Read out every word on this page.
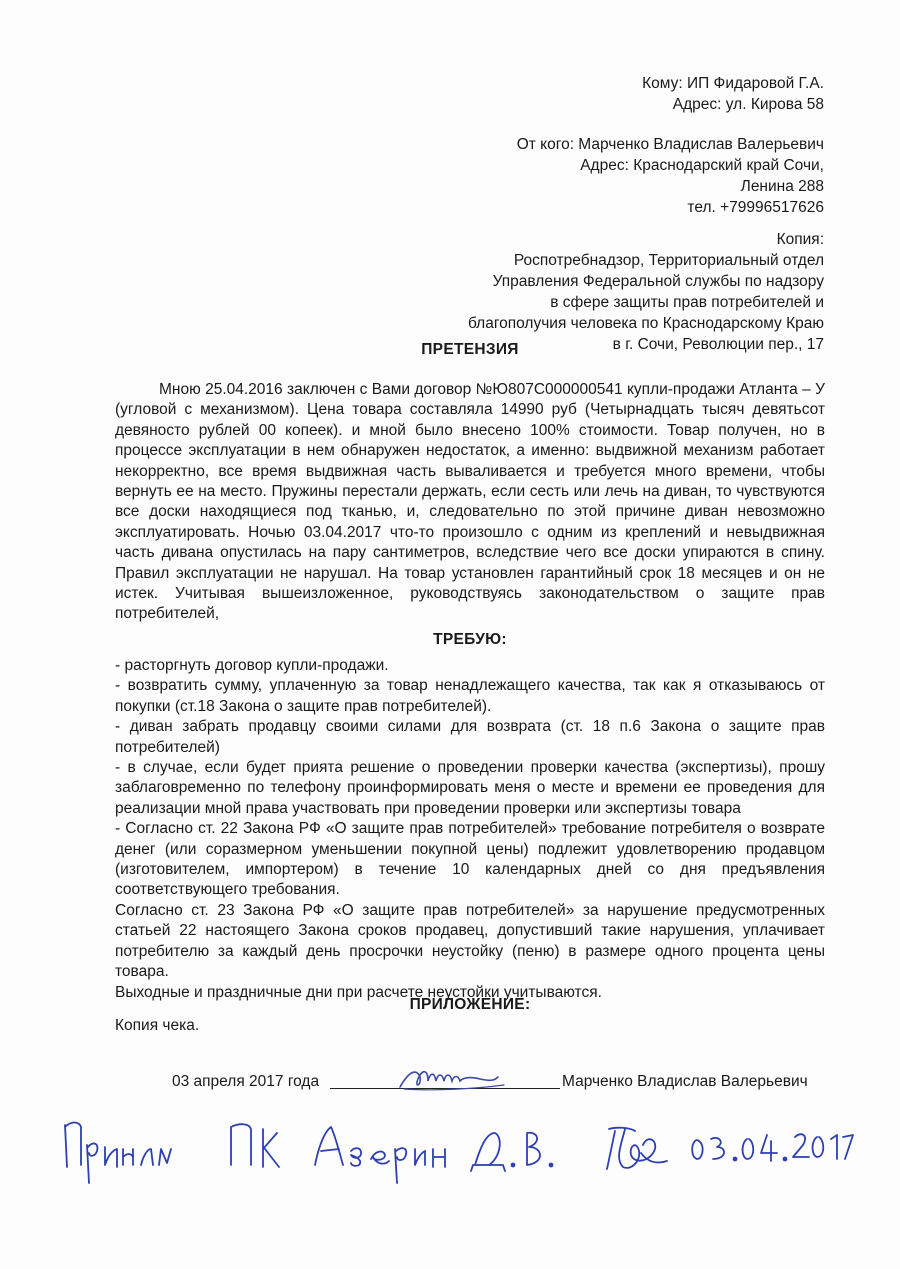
Кому: ИП Фидаровой Г.А.
Адрес: ул. Кирова 58
От кого: Марченко Владислав Валерьевич
Адрес: Краснодарский край Сочи,
Ленина 288
тел. +79996517626
Копия:
Роспотребнадзор, Территориальный отдел
Управления Федеральной службы по надзору
в сфере защиты прав потребителей и
благополучия человека по Краснодарскому Краю
в г. Сочи, Революции пер., 17
ПРЕТЕНЗИЯ
Мною 25.04.2016 заключен с Вами договор №Ю807С000000541 купли-продажи Атланта – У (угловой с механизмом). Цена товара составляла 14990 руб (Четырнадцать тысяч девятьсот девяносто рублей 00 копеек). и мной было внесено 100% стоимости. Товар получен, но в процессе эксплуатации в нем обнаружен недостаток, а именно: выдвижной механизм работает некорректно, все время выдвижная часть вываливается и требуется много времени, чтобы вернуть ее на место. Пружины перестали держать, если сесть или лечь на диван, то чувствуются все доски находящиеся под тканью, и, следовательно по этой причине диван невозможно эксплуатировать. Ночью 03.04.2017 что-то произошло с одним из креплений и невыдвижная часть дивана опустилась на пару сантиметров, вследствие чего все доски упираются в спину. Правил эксплуатации не нарушал. На товар установлен гарантийный срок 18 месяцев и он не истек. Учитывая вышеизложенное, руководствуясь законодательством о защите прав потребителей,
ТРЕБУЮ:

- расторгнуть договор купли-продажи.

- возвратить сумму, уплаченную за товар ненадлежащего качества, так как я отказываюсь от покупки (ст.18 Закона о защите прав потребителей).

- диван забрать продавцу своими силами для возврата (ст. 18 п.6 Закона о защите прав потребителей)

- в случае, если будет прията решение о проведении проверки качества (экспертизы), прошу заблаговременно по телефону проинформировать меня о месте и времени ее проведения для реализации мной права участвовать при проведении проверки или экспертизы товара

- Согласно ст. 22 Закона РФ «О защите прав потребителей» требование потребителя о возврате денег (или соразмерном уменьшении покупной цены) подлежит удовлетворению продавцом (изготовителем, импортером) в течение 10 календарных дней со дня предъявления соответствующего требования.

Согласно ст. 23 Закона РФ «О защите прав потребителей» за нарушение предусмотренных статьей 22 настоящего Закона сроков продавец, допустивший такие нарушения, уплачивает потребителю за каждый день просрочки неустойку (пеню) в размере одного процента цены товара.

Выходные и праздничные дни при расчете неустойки учитываются.

ПРИЛОЖЕНИЕ:
Копия чека.
03 апреля 2017 года	Марченко Владислав Валерьевич
